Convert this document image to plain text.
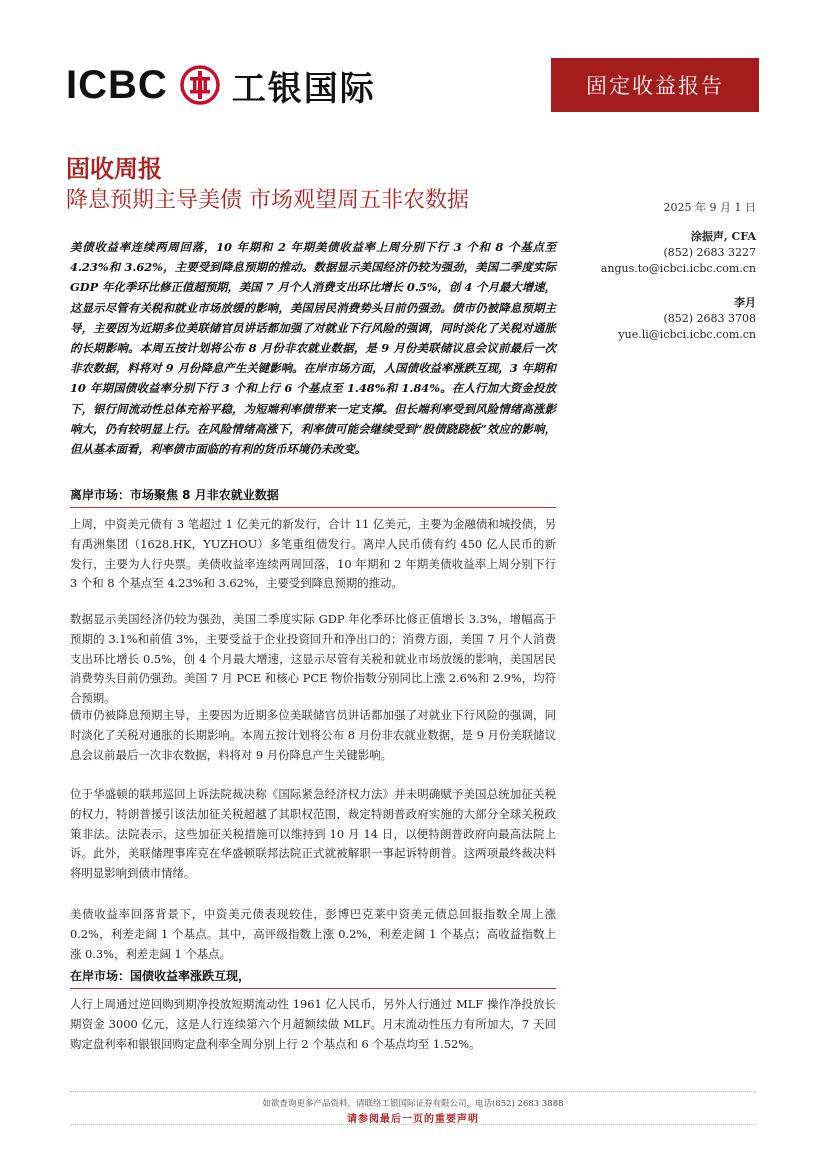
ICBC 工银国际	固定收益报告
固收周报
降息预期主导美债 市场观望周五非农数据	2025 年 9 月 1 日
美债收益率连续两周回落，10 年期和 2 年期美债收益率上周分别下行 3 个和 8 个基点至 4.23%和 3.62%，主要受到降息预期的推动。数据显示美国经济仍较为强劲，美国二季度实际 GDP 年化季环比修正值超预期，美国 7 月个人消费支出环比增长 0.5%，创 4 个月最大增速，这显示尽管有关税和就业市场放缓的影响，美国居民消费势头目前仍强劲。债市仍被降息预期主导，主要因为近期多位美联储官员讲话都加强了对就业下行风险的强调，同时淡化了关税对通胀的长期影响。本周五按计划将公布 8 月份非农就业数据，是 9 月份美联储议息会议前最后一次非农数据，料将对 9 月份降息产生关键影响。在岸市场方面，人国债收益率涨跌互现，3 年期和 10 年期国债收益率分别下行 3 个和上行 6 个基点至 1.48%和 1.84%。在人行加大资金投放下，银行间流动性总体充裕平稳，为短端利率债带来一定支撑。但长端利率受到风险情绪高涨影响大，仍有较明显上行。在风险情绪高涨下，利率债可能会继续受到“股债跷跷板”效应的影响，但从基本面看，利率债市面临的有利的货币环境仍未改变。
涂振声, CFA
(852) 2683 3227
angus.to@icbci.icbc.com.cn
李月
(852) 2683 3708
yue.li@icbci.icbc.com.cn
离岸市场：市场聚焦 8 月非农就业数据
上周，中资美元债有 3 笔超过 1 亿美元的新发行，合计 11 亿美元，主要为金融债和城投债，另有禹洲集团（1628.HK，YUZHOU）多笔重组债发行。离岸人民币债有约 450 亿人民币的新发行，主要为人行央票。美债收益率连续两周回落，10 年期和 2 年期美债收益率上周分别下行 3 个和 8 个基点至 4.23%和 3.62%，主要受到降息预期的推动。
数据显示美国经济仍较为强劲，美国二季度实际 GDP 年化季环比修正值增长 3.3%，增幅高于预期的 3.1%和前值 3%，主要受益于企业投资回升和净出口的；消费方面，美国 7 月个人消费支出环比增长 0.5%，创 4 个月最大增速，这显示尽管有关税和就业市场放缓的影响，美国居民消费势头目前仍强劲。美国 7 月 PCE 和核心 PCE 物价指数分别同比上涨 2.6%和 2.9%，均符合预期。
债市仍被降息预期主导，主要因为近期多位美联储官员讲话都加强了对就业下行风险的强调，同时淡化了关税对通胀的长期影响。本周五按计划将公布 8 月份非农就业数据，是 9 月份美联储议息会议前最后一次非农数据，料将对 9 月份降息产生关键影响。
位于华盛顿的联邦巡回上诉法院裁决称《国际紧急经济权力法》并未明确赋予美国总统加征关税的权力，特朗普援引该法加征关税超越了其职权范围，裁定特朗普政府实施的大部分全球关税政策非法。法院表示，这些加征关税措施可以维持到 10 月 14 日，以便特朗普政府向最高法院上诉。此外，美联储理事库克在华盛顿联邦法院正式就被解职一事起诉特朗普。这两项最终裁决料将明显影响到债市情绪。
美债收益率回落背景下，中资美元债表现较佳，彭博巴克莱中资美元债总回报指数全周上涨 0.2%，利差走阔 1 个基点。其中，高评级指数上涨 0.2%，利差走阔 1 个基点；高收益指数上涨 0.3%，利差走阔 1 个基点。
在岸市场：国债收益率涨跌互现，
人行上周通过逆回购到期净投放短期流动性 1961 亿人民币，另外人行通过 MLF 操作净投放长期资金 3000 亿元，这是人行连续第六个月超额续做 MLF。月末流动性压力有所加大，7 天回购定盘利率和银银回购定盘利率全周分别上行 2 个基点和 6 个基点均至 1.52%。
如欲查询更多产品资料，请联络工银国际证券有限公司，电话(852) 2683 3888
请参阅最后一页的重要声明
